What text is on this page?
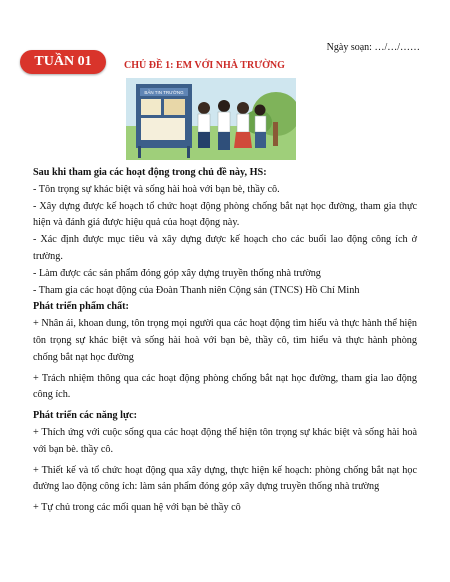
Ngày soạn: …/…/……
TUẦN 01	CHỦ ĐỀ 1: EM VỚI NHÀ TRƯỜNG
BẢN TIN TRƯỜNG

Sau khi tham gia các hoạt động trong chủ đề này, HS:

- Tôn trọng sự khác biệt và sống hài hoà với bạn bè, thầy cô.

- Xây dựng được kế hoạch tổ chức hoạt động phòng chống bắt nạt học đường, tham gia thực hiện và đánh giá được hiệu quả của hoạt động này.

- Xác định được mục tiêu và xây dựng được kế hoạch cho các buổi lao động công ích ở trường.

- Làm được các sản phẩm đóng góp xây dựng truyền thống nhà trường

- Tham gia các hoạt động của Đoàn Thanh niên Cộng sản (TNCS) Hồ Chí Minh

Phát triển phẩm chất:

+ Nhân ái, khoan dung, tôn trọng mọi người qua các hoạt động tìm hiểu và thực hành thể hiện tôn trọng sự khác biệt và sống hài hoà với bạn bè, thầy cô, tìm hiểu và thực hành phòng chống bắt nạt học đường

+ Trách nhiệm thông qua các hoạt động phòng chống bắt nạt học đường, tham gia lao động công ích.

Phát triển các năng lực:

+ Thích ứng với cuộc sống qua các hoạt động thể hiện tôn trọng sự khác biệt và sống hài hoà với bạn bè. thầy cô.

+ Thiết kế và tổ chức hoạt động qua xây dựng, thực hiện kế hoạch: phòng chống bắt nạt học đường lao động công ích: làm sản phẩm đóng góp xây dựng truyền thống nhà trường

+ Tự chủ trong các mối quan hệ với bạn bè thầy cô
